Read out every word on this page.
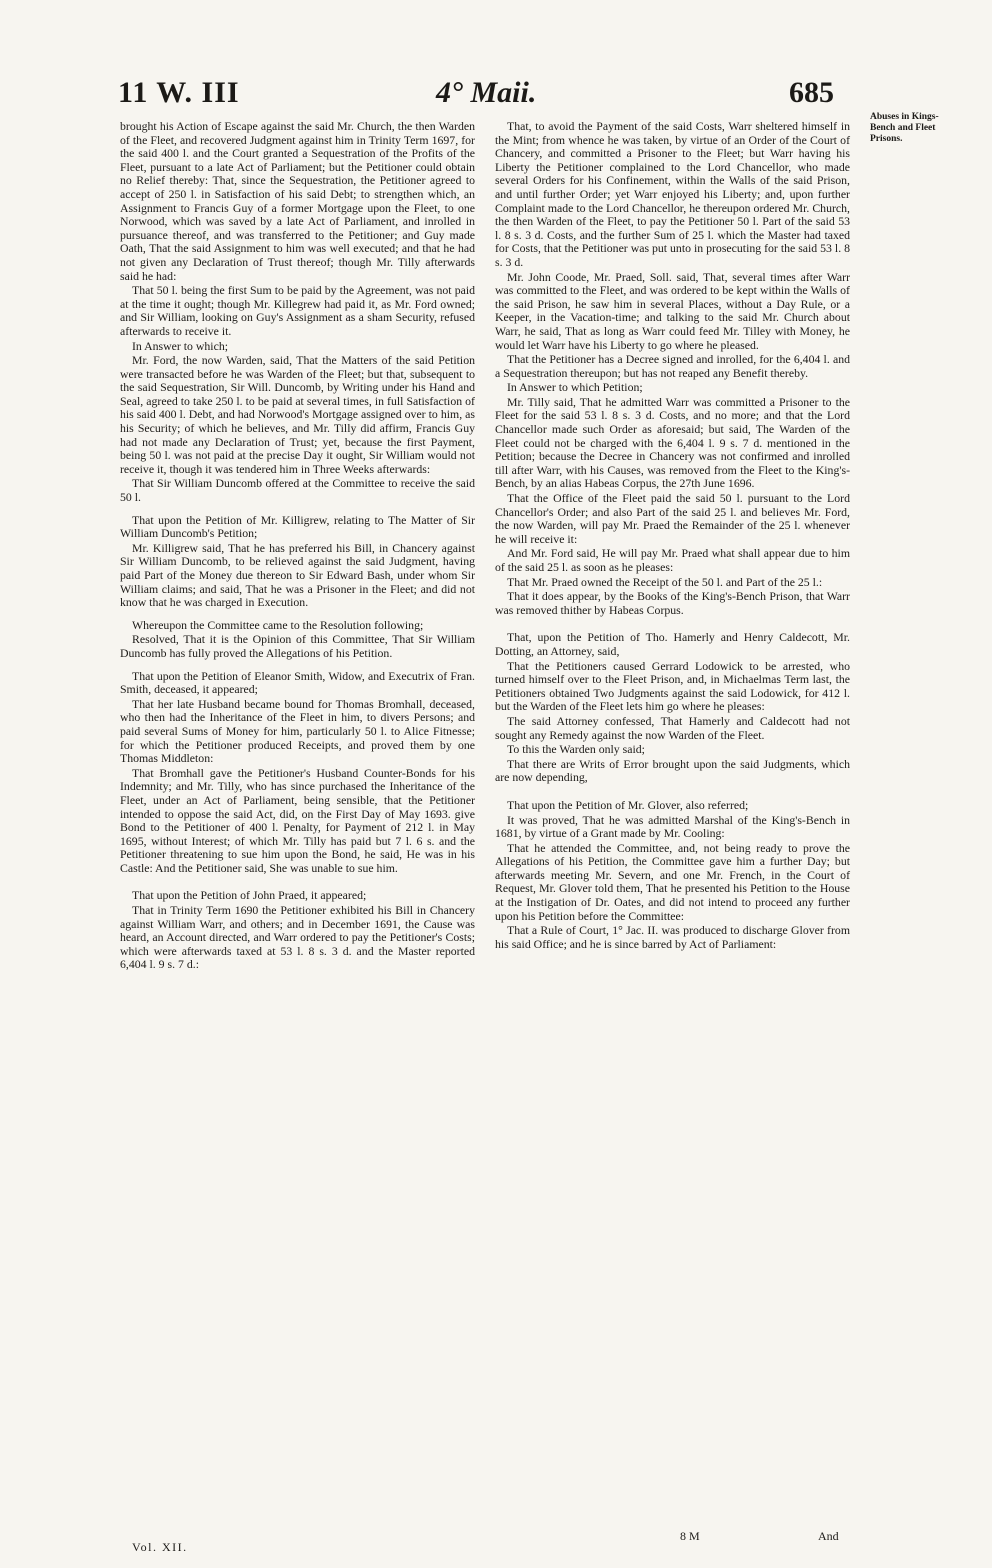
11 W. III	4° Maii.	685
Abuses in Kings-Bench and Fleet Prisons.

brought his Action of Escape against the said Mr. Church, the then Warden of the Fleet, and recovered Judgment against him in Trinity Term 1697, for the said 400 l. and the Court granted a Sequestration of the Profits of the Fleet, pursuant to a late Act of Parliament; but the Petitioner could obtain no Relief thereby: That, since the Sequestration, the Petitioner agreed to accept of 250 l. in Satisfaction of his said Debt; to strengthen which, an Assignment to Francis Guy of a former Mortgage upon the Fleet, to one Norwood, which was saved by a late Act of Parliament, and inrolled in pursuance thereof, and was transferred to the Petitioner; and Guy made Oath, That the said Assignment to him was well executed; and that he had not given any Declaration of Trust thereof; though Mr. Tilly afterwards said he had:

That 50 l. being the first Sum to be paid by the Agreement, was not paid at the time it ought; though Mr. Killegrew had paid it, as Mr. Ford owned; and Sir William, looking on Guy's Assignment as a sham Security, refused afterwards to receive it.

In Answer to which;

Mr. Ford, the now Warden, said, That the Matters of the said Petition were transacted before he was Warden of the Fleet; but that, subsequent to the said Sequestration, Sir Will. Duncomb, by Writing under his Hand and Seal, agreed to take 250 l. to be paid at several times, in full Satisfaction of his said 400 l. Debt, and had Norwood's Mortgage assigned over to him, as his Security; of which he believes, and Mr. Tilly did affirm, Francis Guy had not made any Declaration of Trust; yet, because the first Payment, being 50 l. was not paid at the precise Day it ought, Sir William would not receive it, though it was tendered him in Three Weeks afterwards:

That Sir William Duncomb offered at the Committee to receive the said 50 l.

That upon the Petition of Mr. Killigrew, relating to The Matter of Sir William Duncomb's Petition;

Mr. Killigrew said, That he has preferred his Bill, in Chancery against Sir William Duncomb, to be relieved against the said Judgment, having paid Part of the Money due thereon to Sir Edward Bash, under whom Sir William claims; and said, That he was a Prisoner in the Fleet; and did not know that he was charged in Execution.

Whereupon the Committee came to the Resolution following;

Resolved, That it is the Opinion of this Committee, That Sir William Duncomb has fully proved the Allegations of his Petition.

That upon the Petition of Eleanor Smith, Widow, and Executrix of Fran. Smith, deceased, it appeared;

That her late Husband became bound for Thomas Bromhall, deceased, who then had the Inheritance of the Fleet in him, to divers Persons; and paid several Sums of Money for him, particularly 50 l. to Alice Fitnesse; for which the Petitioner produced Receipts, and proved them by one Thomas Middleton:

That Bromhall gave the Petitioner's Husband Counter-Bonds for his Indemnity; and Mr. Tilly, who has since purchased the Inheritance of the Fleet, under an Act of Parliament, being sensible, that the Petitioner intended to oppose the said Act, did, on the First Day of May 1693. give Bond to the Petitioner of 400 l. Penalty, for Payment of 212 l. in May 1695, without Interest; of which Mr. Tilly has paid but 7 l. 6 s. and the Petitioner threatening to sue him upon the Bond, he said, He was in his Castle: And the Petitioner said, She was unable to sue him.

That upon the Petition of John Praed, it appeared;

That in Trinity Term 1690 the Petitioner exhibited his Bill in Chancery against William Warr, and others; and in December 1691, the Cause was heard, an Account directed, and Warr ordered to pay the Petitioner's Costs; which were afterwards taxed at 53 l. 8 s. 3 d. and the Master reported 6,404 l. 9 s. 7 d.:

That, to avoid the Payment of the said Costs, Warr sheltered himself in the Mint; from whence he was taken, by virtue of an Order of the Court of Chancery, and committed a Prisoner to the Fleet; but Warr having his Liberty the Petitioner complained to the Lord Chancellor, who made several Orders for his Confinement, within the Walls of the said Prison, and until further Order; yet Warr enjoyed his Liberty; and, upon further Complaint made to the Lord Chancellor, he thereupon ordered Mr. Church, the then Warden of the Fleet, to pay the Petitioner 50 l. Part of the said 53 l. 8 s. 3 d. Costs, and the further Sum of 25 l. which the Master had taxed for Costs, that the Petitioner was put unto in prosecuting for the said 53 l. 8 s. 3 d.

Mr. John Coode, Mr. Praed, Soll. said, That, several times after Warr was committed to the Fleet, and was ordered to be kept within the Walls of the said Prison, he saw him in several Places, without a Day Rule, or a Keeper, in the Vacation-time; and talking to the said Mr. Church about Warr, he said, That as long as Warr could feed Mr. Tilley with Money, he would let Warr have his Liberty to go where he pleased.

That the Petitioner has a Decree signed and inrolled, for the 6,404 l. and a Sequestration thereupon; but has not reaped any Benefit thereby.

In Answer to which Petition;

Mr. Tilly said, That he admitted Warr was committed a Prisoner to the Fleet for the said 53 l. 8 s. 3 d. Costs, and no more; and that the Lord Chancellor made such Order as aforesaid; but said, The Warden of the Fleet could not be charged with the 6,404 l. 9 s. 7 d. mentioned in the Petition; because the Decree in Chancery was not confirmed and inrolled till after Warr, with his Causes, was removed from the Fleet to the King's-Bench, by an alias Habeas Corpus, the 27th June 1696.

That the Office of the Fleet paid the said 50 l. pursuant to the Lord Chancellor's Order; and also Part of the said 25 l. and believes Mr. Ford, the now Warden, will pay Mr. Praed the Remainder of the 25 l. whenever he will receive it:

And Mr. Ford said, He will pay Mr. Praed what shall appear due to him of the said 25 l. as soon as he pleases:

That Mr. Praed owned the Receipt of the 50 l. and Part of the 25 l.:

That it does appear, by the Books of the King's-Bench Prison, that Warr was removed thither by Habeas Corpus.

That, upon the Petition of Tho. Hamerly and Henry Caldecott, Mr. Dotting, an Attorney, said,

That the Petitioners caused Gerrard Lodowick to be arrested, who turned himself over to the Fleet Prison, and, in Michaelmas Term last, the Petitioners obtained Two Judgments against the said Lodowick, for 412 l. but the Warden of the Fleet lets him go where he pleases:

The said Attorney confessed, That Hamerly and Caldecott had not sought any Remedy against the now Warden of the Fleet.

To this the Warden only said;

That there are Writs of Error brought upon the said Judgments, which are now depending,

That upon the Petition of Mr. Glover, also referred;

It was proved, That he was admitted Marshal of the King's-Bench in 1681, by virtue of a Grant made by Mr. Cooling:

That he attended the Committee, and, not being ready to prove the Allegations of his Petition, the Committee gave him a further Day; but afterwards meeting Mr. Severn, and one Mr. French, in the Court of Request, Mr. Glover told them, That he presented his Petition to the House at the Instigation of Dr. Oates, and did not intend to proceed any further upon his Petition before the Committee:

That a Rule of Court, 1° Jac. II. was produced to discharge Glover from his said Office; and he is since barred by Act of Parliament:

Vol. XII.
8 M	And
